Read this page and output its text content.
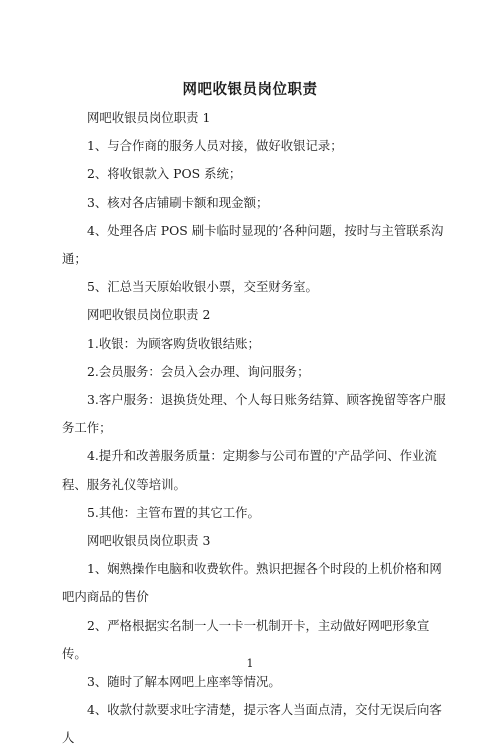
网吧收银员岗位职责

网吧收银员岗位职责 1

1、与合作商的服务人员对接，做好收银记录；

2、将收银款入 POS 系统；

3、核对各店铺刷卡额和现金额；

4、处理各店 POS 刷卡临时显现的’各种问题，按时与主管联系沟通；

5、汇总当天原始收银小票，交至财务室。

网吧收银员岗位职责 2

1.收银：为顾客购货收银结账；

2.会员服务：会员入会办理、询问服务；

3.客户服务：退换货处理、个人每日账务结算、顾客挽留等客户服务工作；

4.提升和改善服务质量：定期参与公司布置的'产品学问、作业流程、服务礼仪等培训。

5.其他：主管布置的其它工作。

网吧收银员岗位职责 3

1、娴熟操作电脑和收费软件。熟识把握各个时段的上机价格和网吧内商品的售价

2、严格根据实名制一人一卡一机制开卡，主动做好网吧形象宣传。

3、随时了解本网吧上座率等情况。

4、收款付款要求吐字清楚，提示客人当面点清，交付无误后向客人

1
